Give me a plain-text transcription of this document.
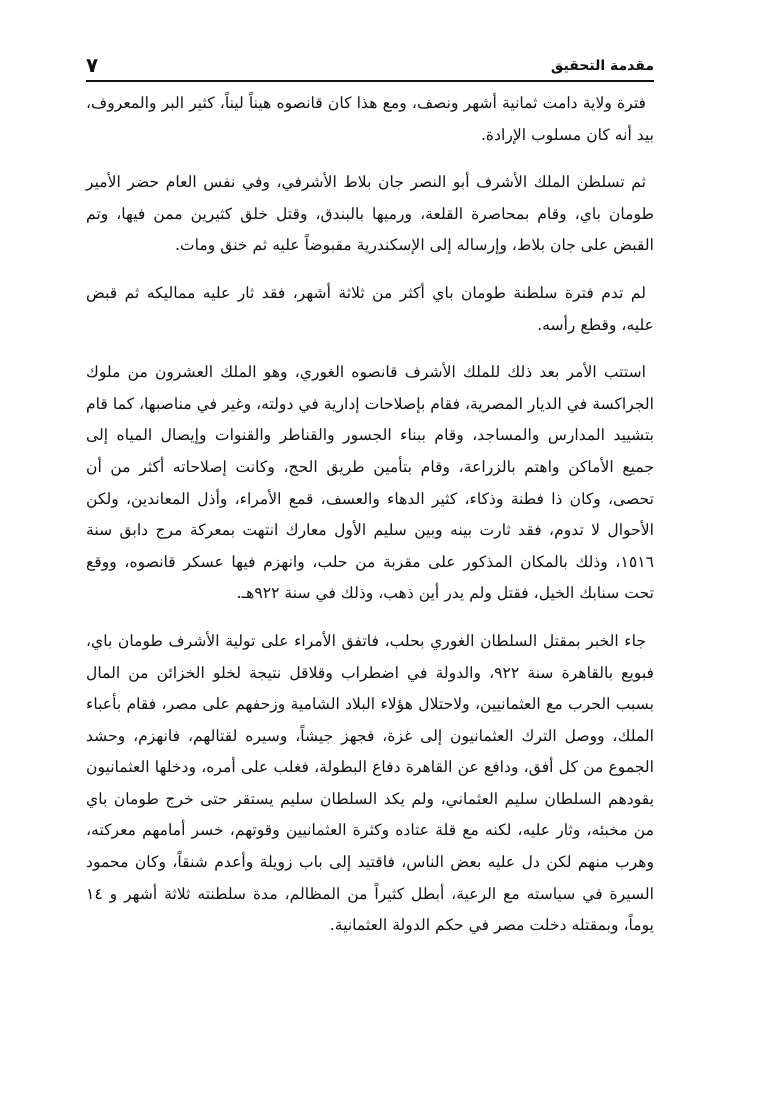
مقدمة التحقيق
٧

فترة ولاية دامت ثمانية أشهر ونصف، ومع هذا كان قانصوه هيناً ليناً، كثير البر والمعروف، بيد أنه كان مسلوب الإرادة.

ثم تسلطن الملك الأشرف أبو النصر جان بلاط الأشرفي، وفي نفس العام حضر الأمير طومان باي، وقام بمحاصرة القلعة، ورميها بالبندق، وقتل خلق كثيرين ممن فيها، وتم القبض على جان بلاط، وإرساله إلى الإسكندرية مقبوضاً عليه ثم خنق ومات.

لم تدم فترة سلطنة طومان باي أكثر من ثلاثة أشهر، فقد ثار عليه مماليكه ثم قبض عليه، وقطع رأسه.

استتب الأمر بعد ذلك للملك الأشرف قانصوه الغوري، وهو الملك العشرون من ملوك الجراكسة في الديار المصرية، فقام بإصلاحات إدارية في دولته، وغير في مناصبها، كما قام بتشييد المدارس والمساجد، وقام ببناء الجسور والقناطر والقنوات وإيصال المياه إلى جميع الأماكن واهتم بالزراعة، وقام بتأمين طريق الحج، وكانت إصلاحاته أكثر من أن تحصى، وكان ذا فطنة وذكاء، كثير الدهاء والعسف، قمع الأمراء، وأذل المعاندين، ولكن الأحوال لا تدوم، فقد ثارت بينه وبين سليم الأول معارك انتهت بمعركة مرج دابق سنة ١٥١٦، وذلك بالمكان المذكور على مقربة من حلب، وانهزم فيها عسكر قانصوه، ووقع تحت سنابك الخيل، فقتل ولم يدر أين ذهب، وذلك في سنة ٩٢٢هـ.

جاء الخبر بمقتل السلطان الغوري بحلب، فاتفق الأمراء على تولية الأشرف طومان باي، فبويع بالقاهرة سنة ٩٢٢، والدولة في اضطراب وقلاقل نتيجة لخلو الخزائن من المال بسبب الحرب مع العثمانيين، ولاحتلال هؤلاء البلاد الشامية وزحفهم على مصر، فقام بأعباء الملك، ووصل الترك العثمانيون إلى غزة، فجهز جيشاً، وسيره لقتالهم، فانهزم، وحشد الجموع من كل أفق، ودافع عن القاهرة دفاع البطولة، فغلب على أمره، ودخلها العثمانيون يقودهم السلطان سليم العثماني، ولم يكد السلطان سليم يستقر حتى خرج طومان باي من مخبئه، وثار عليه، لكنه مع قلة عتاده وكثرة العثمانيين وقوتهم، خسر أمامهم معركته، وهرب منهم لكن دل عليه بعض الناس، فاقتيد إلى باب زويلة وأعدم شنقاً، وكان محمود السيرة في سياسته مع الرعية، أبطل كثيراً من المظالم، مدة سلطنته ثلاثة أشهر و ١٤ يوماً، وبمقتله دخلت مصر في حكم الدولة العثمانية.
